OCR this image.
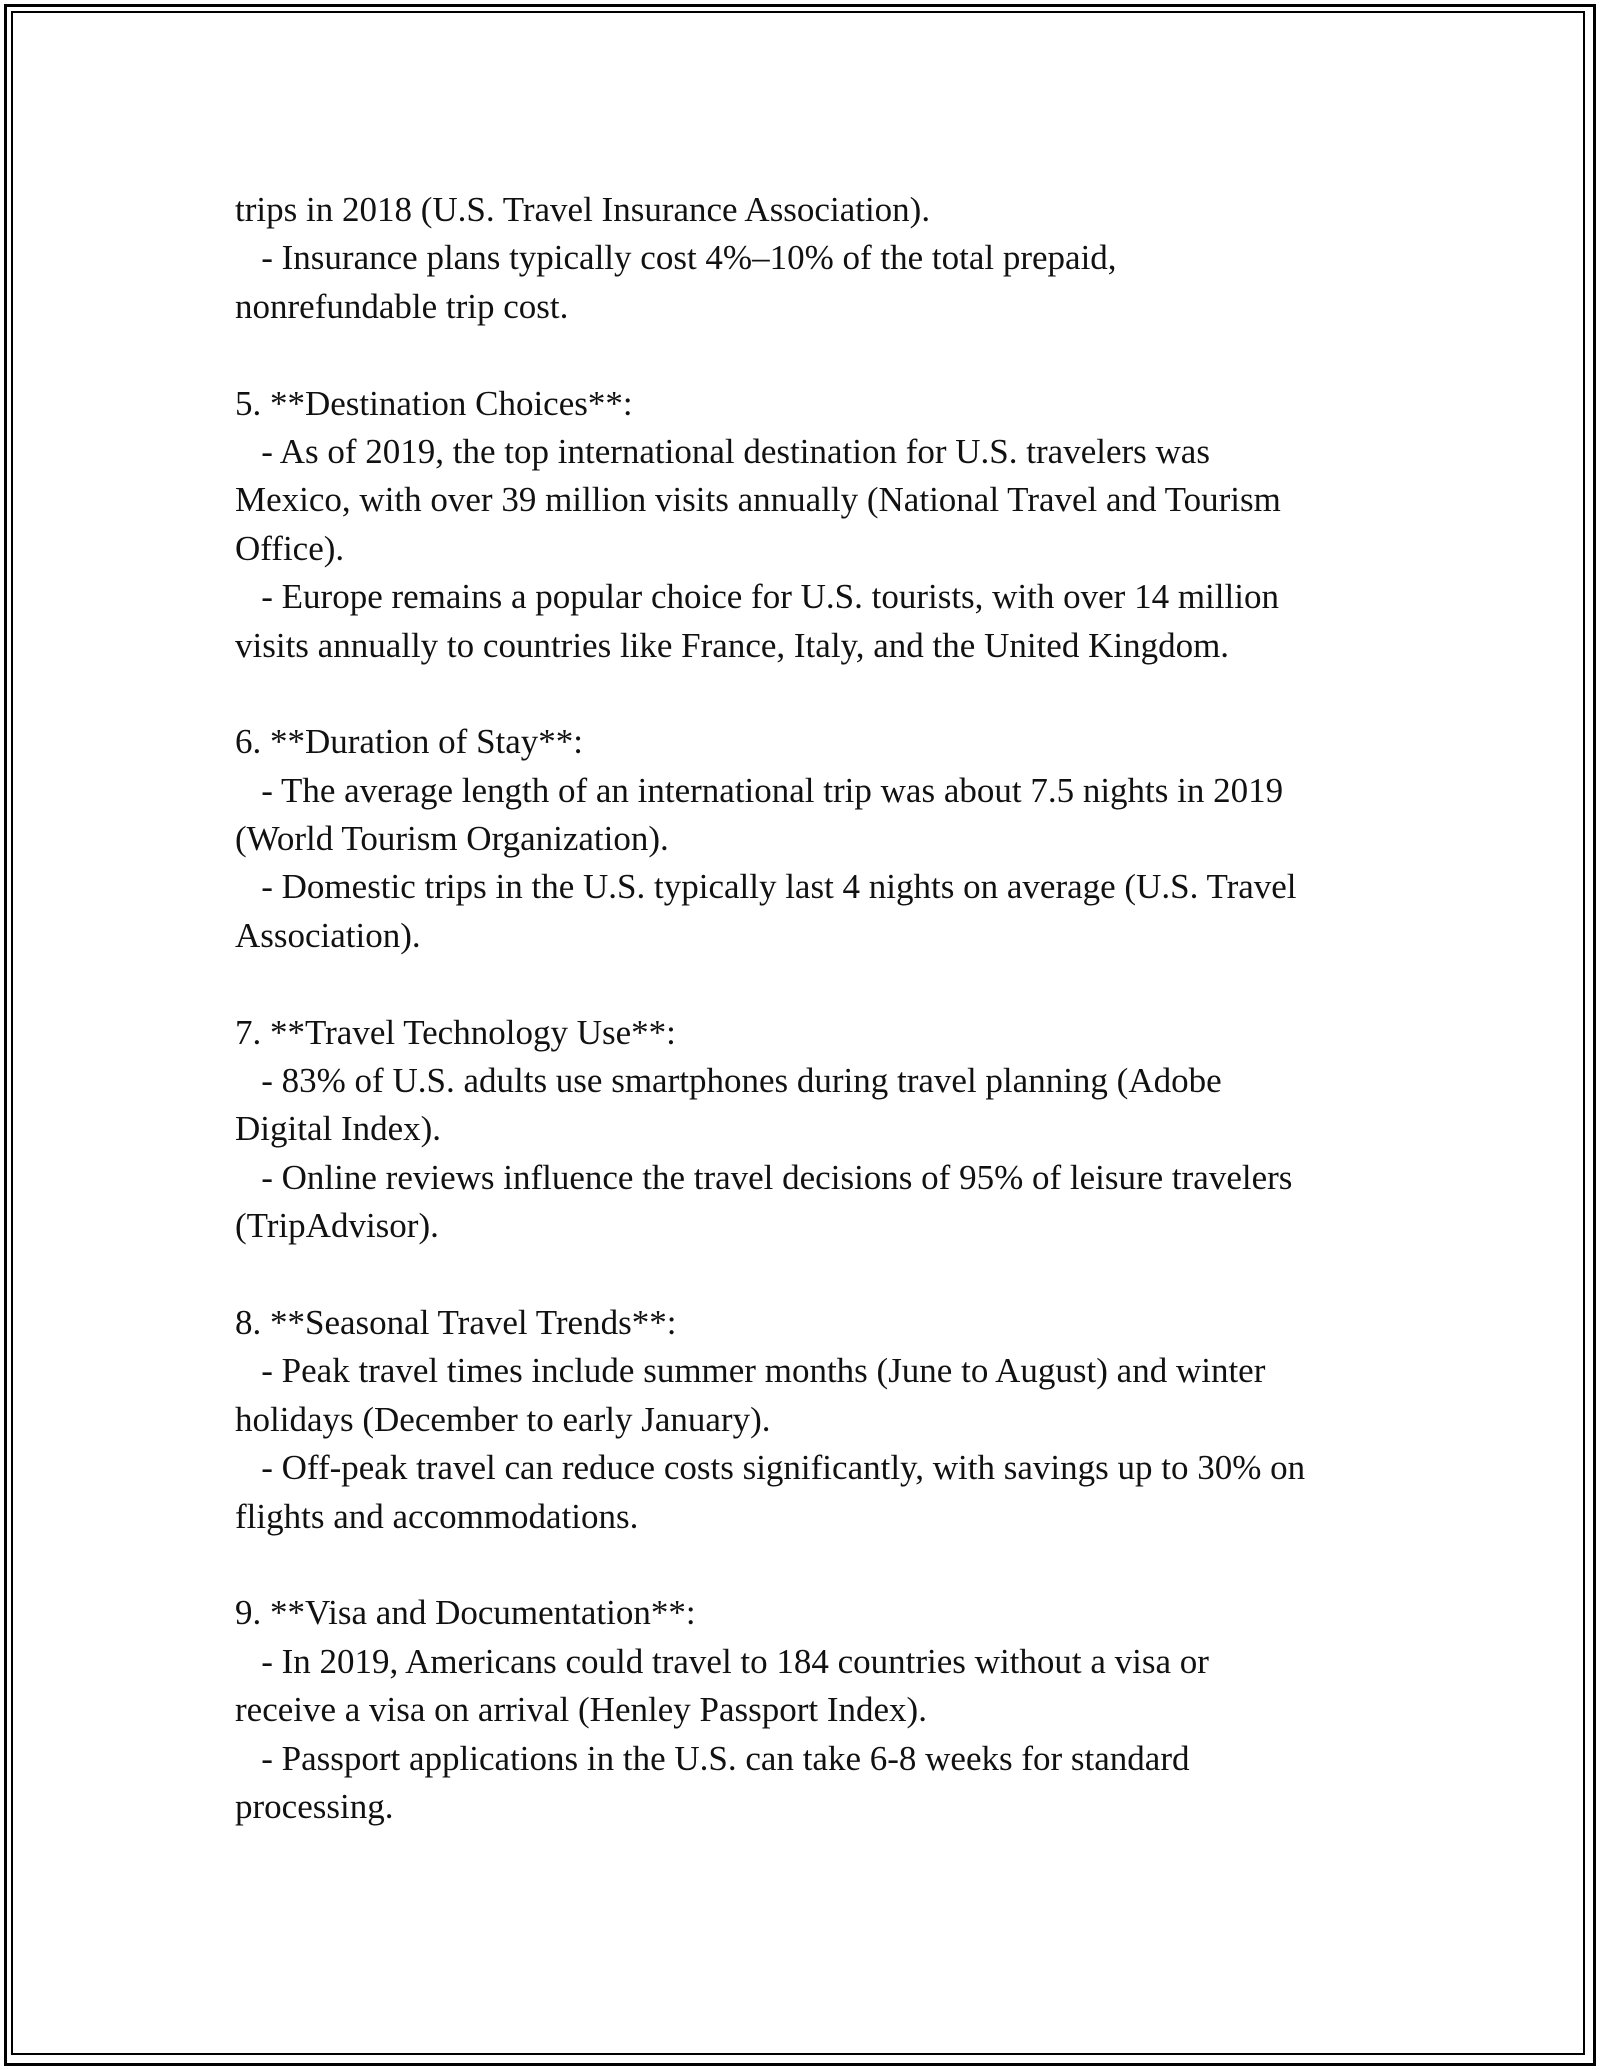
trips in 2018 (U.S. Travel Insurance Association).
- Insurance plans typically cost 4%–10% of the total prepaid,
nonrefundable trip cost.
5. **Destination Choices**:
- As of 2019, the top international destination for U.S. travelers was
Mexico, with over 39 million visits annually (National Travel and Tourism
Office).
- Europe remains a popular choice for U.S. tourists, with over 14 million
visits annually to countries like France, Italy, and the United Kingdom.
6. **Duration of Stay**:
- The average length of an international trip was about 7.5 nights in 2019
(World Tourism Organization).
- Domestic trips in the U.S. typically last 4 nights on average (U.S. Travel
Association).
7. **Travel Technology Use**:
- 83% of U.S. adults use smartphones during travel planning (Adobe
Digital Index).
- Online reviews influence the travel decisions of 95% of leisure travelers
(TripAdvisor).
8. **Seasonal Travel Trends**:
- Peak travel times include summer months (June to August) and winter
holidays (December to early January).
- Off-peak travel can reduce costs significantly, with savings up to 30% on
flights and accommodations.
9. **Visa and Documentation**:
- In 2019, Americans could travel to 184 countries without a visa or
receive a visa on arrival (Henley Passport Index).
- Passport applications in the U.S. can take 6-8 weeks for standard
processing.
